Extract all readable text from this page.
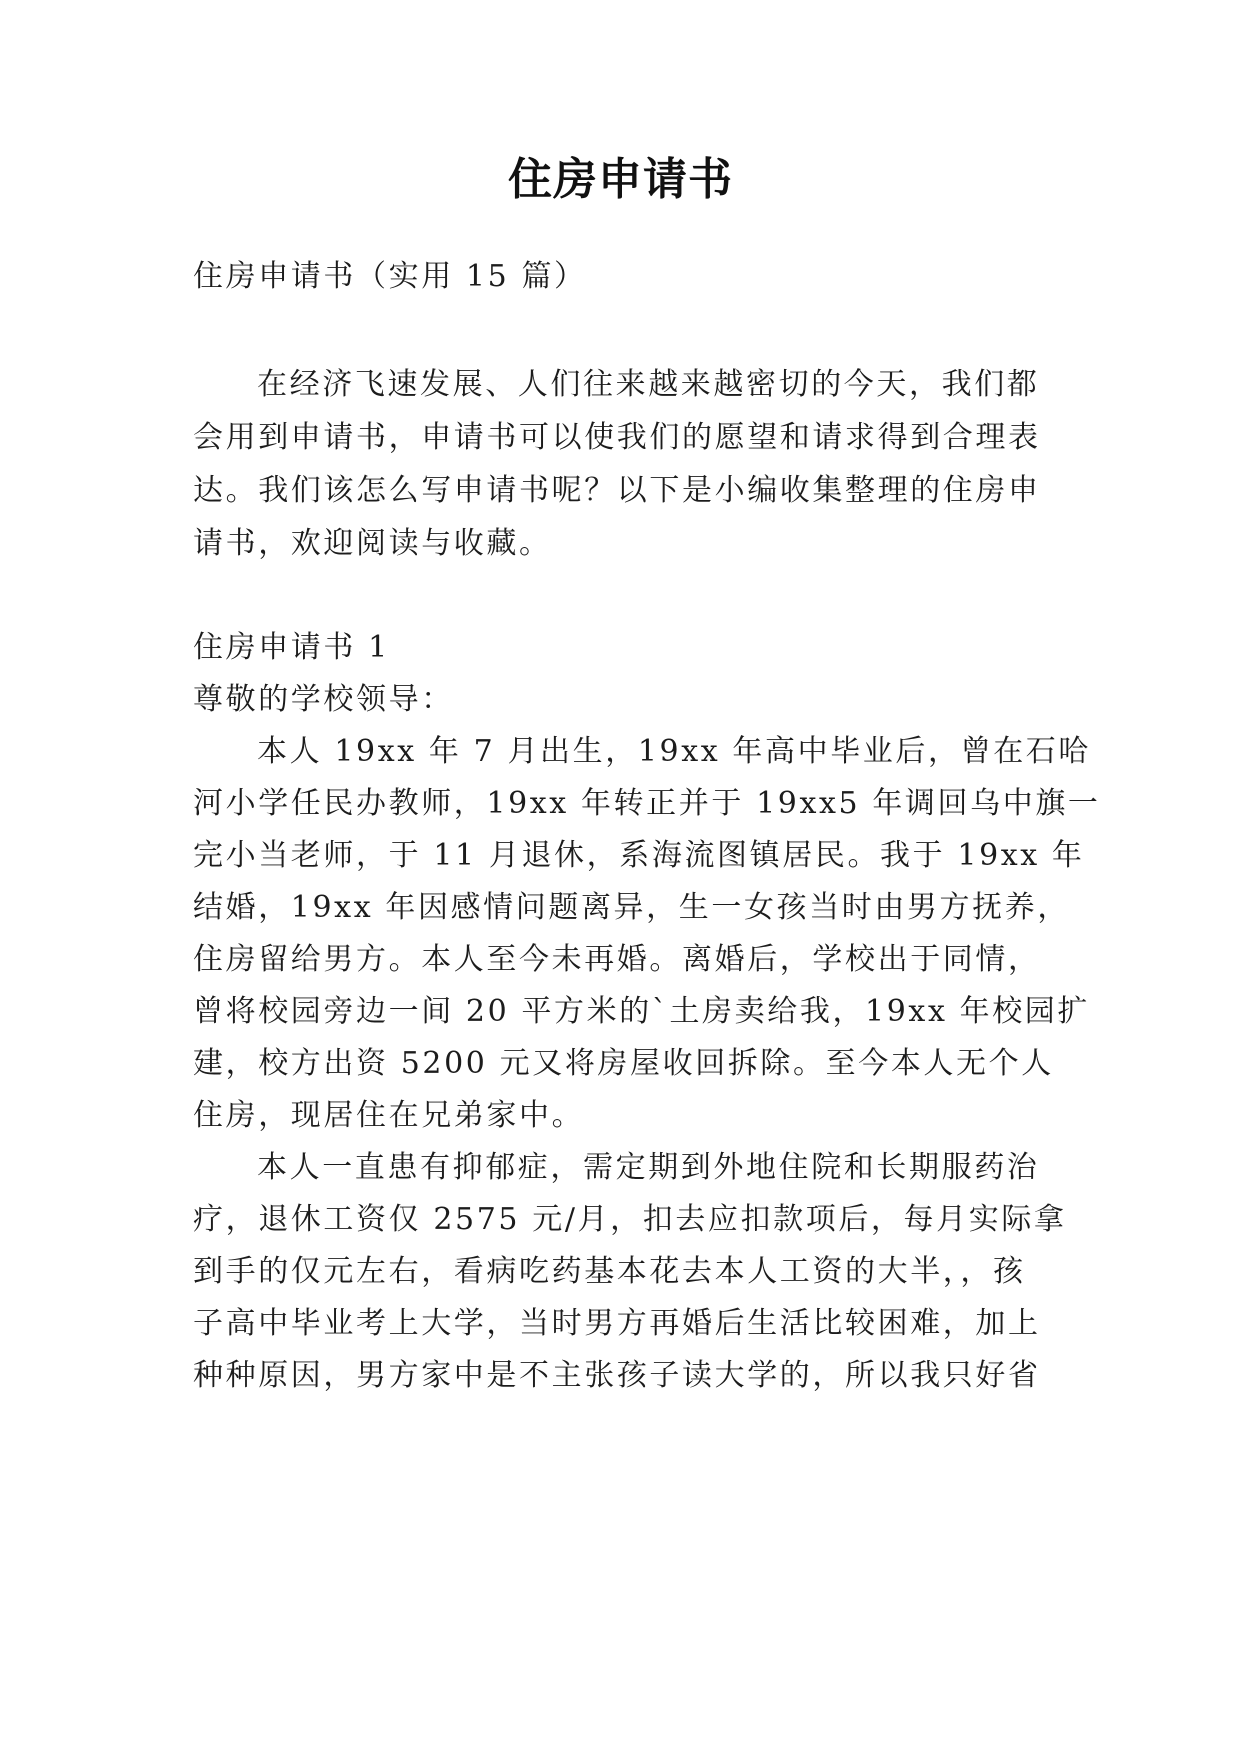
住房申请书
住房申请书（实用 15 篇）
在经济飞速发展、人们往来越来越密切的今天，我们都
会用到申请书，申请书可以使我们的愿望和请求得到合理表
达。我们该怎么写申请书呢？以下是小编收集整理的住房申
请书，欢迎阅读与收藏。
住房申请书 1
尊敬的学校领导：
本人 19xx 年 7 月出生，19xx 年高中毕业后，曾在石哈
河小学任民办教师，19xx 年转正并于 19xx5 年调回乌中旗一
完小当老师，于 11 月退休，系海流图镇居民。我于 19xx 年
结婚，19xx 年因感情问题离异，生一女孩当时由男方抚养，
住房留给男方。本人至今未再婚。离婚后，学校出于同情，
曾将校园旁边一间 20 平方米的`土房卖给我，19xx 年校园扩
建，校方出资 5200 元又将房屋收回拆除。至今本人无个人
住房，现居住在兄弟家中。
本人一直患有抑郁症，需定期到外地住院和长期服药治
疗，退休工资仅 2575 元/月，扣去应扣款项后，每月实际拿
到手的仅元左右，看病吃药基本花去本人工资的大半，，孩
子高中毕业考上大学，当时男方再婚后生活比较困难，加上
种种原因，男方家中是不主张孩子读大学的，所以我只好省
